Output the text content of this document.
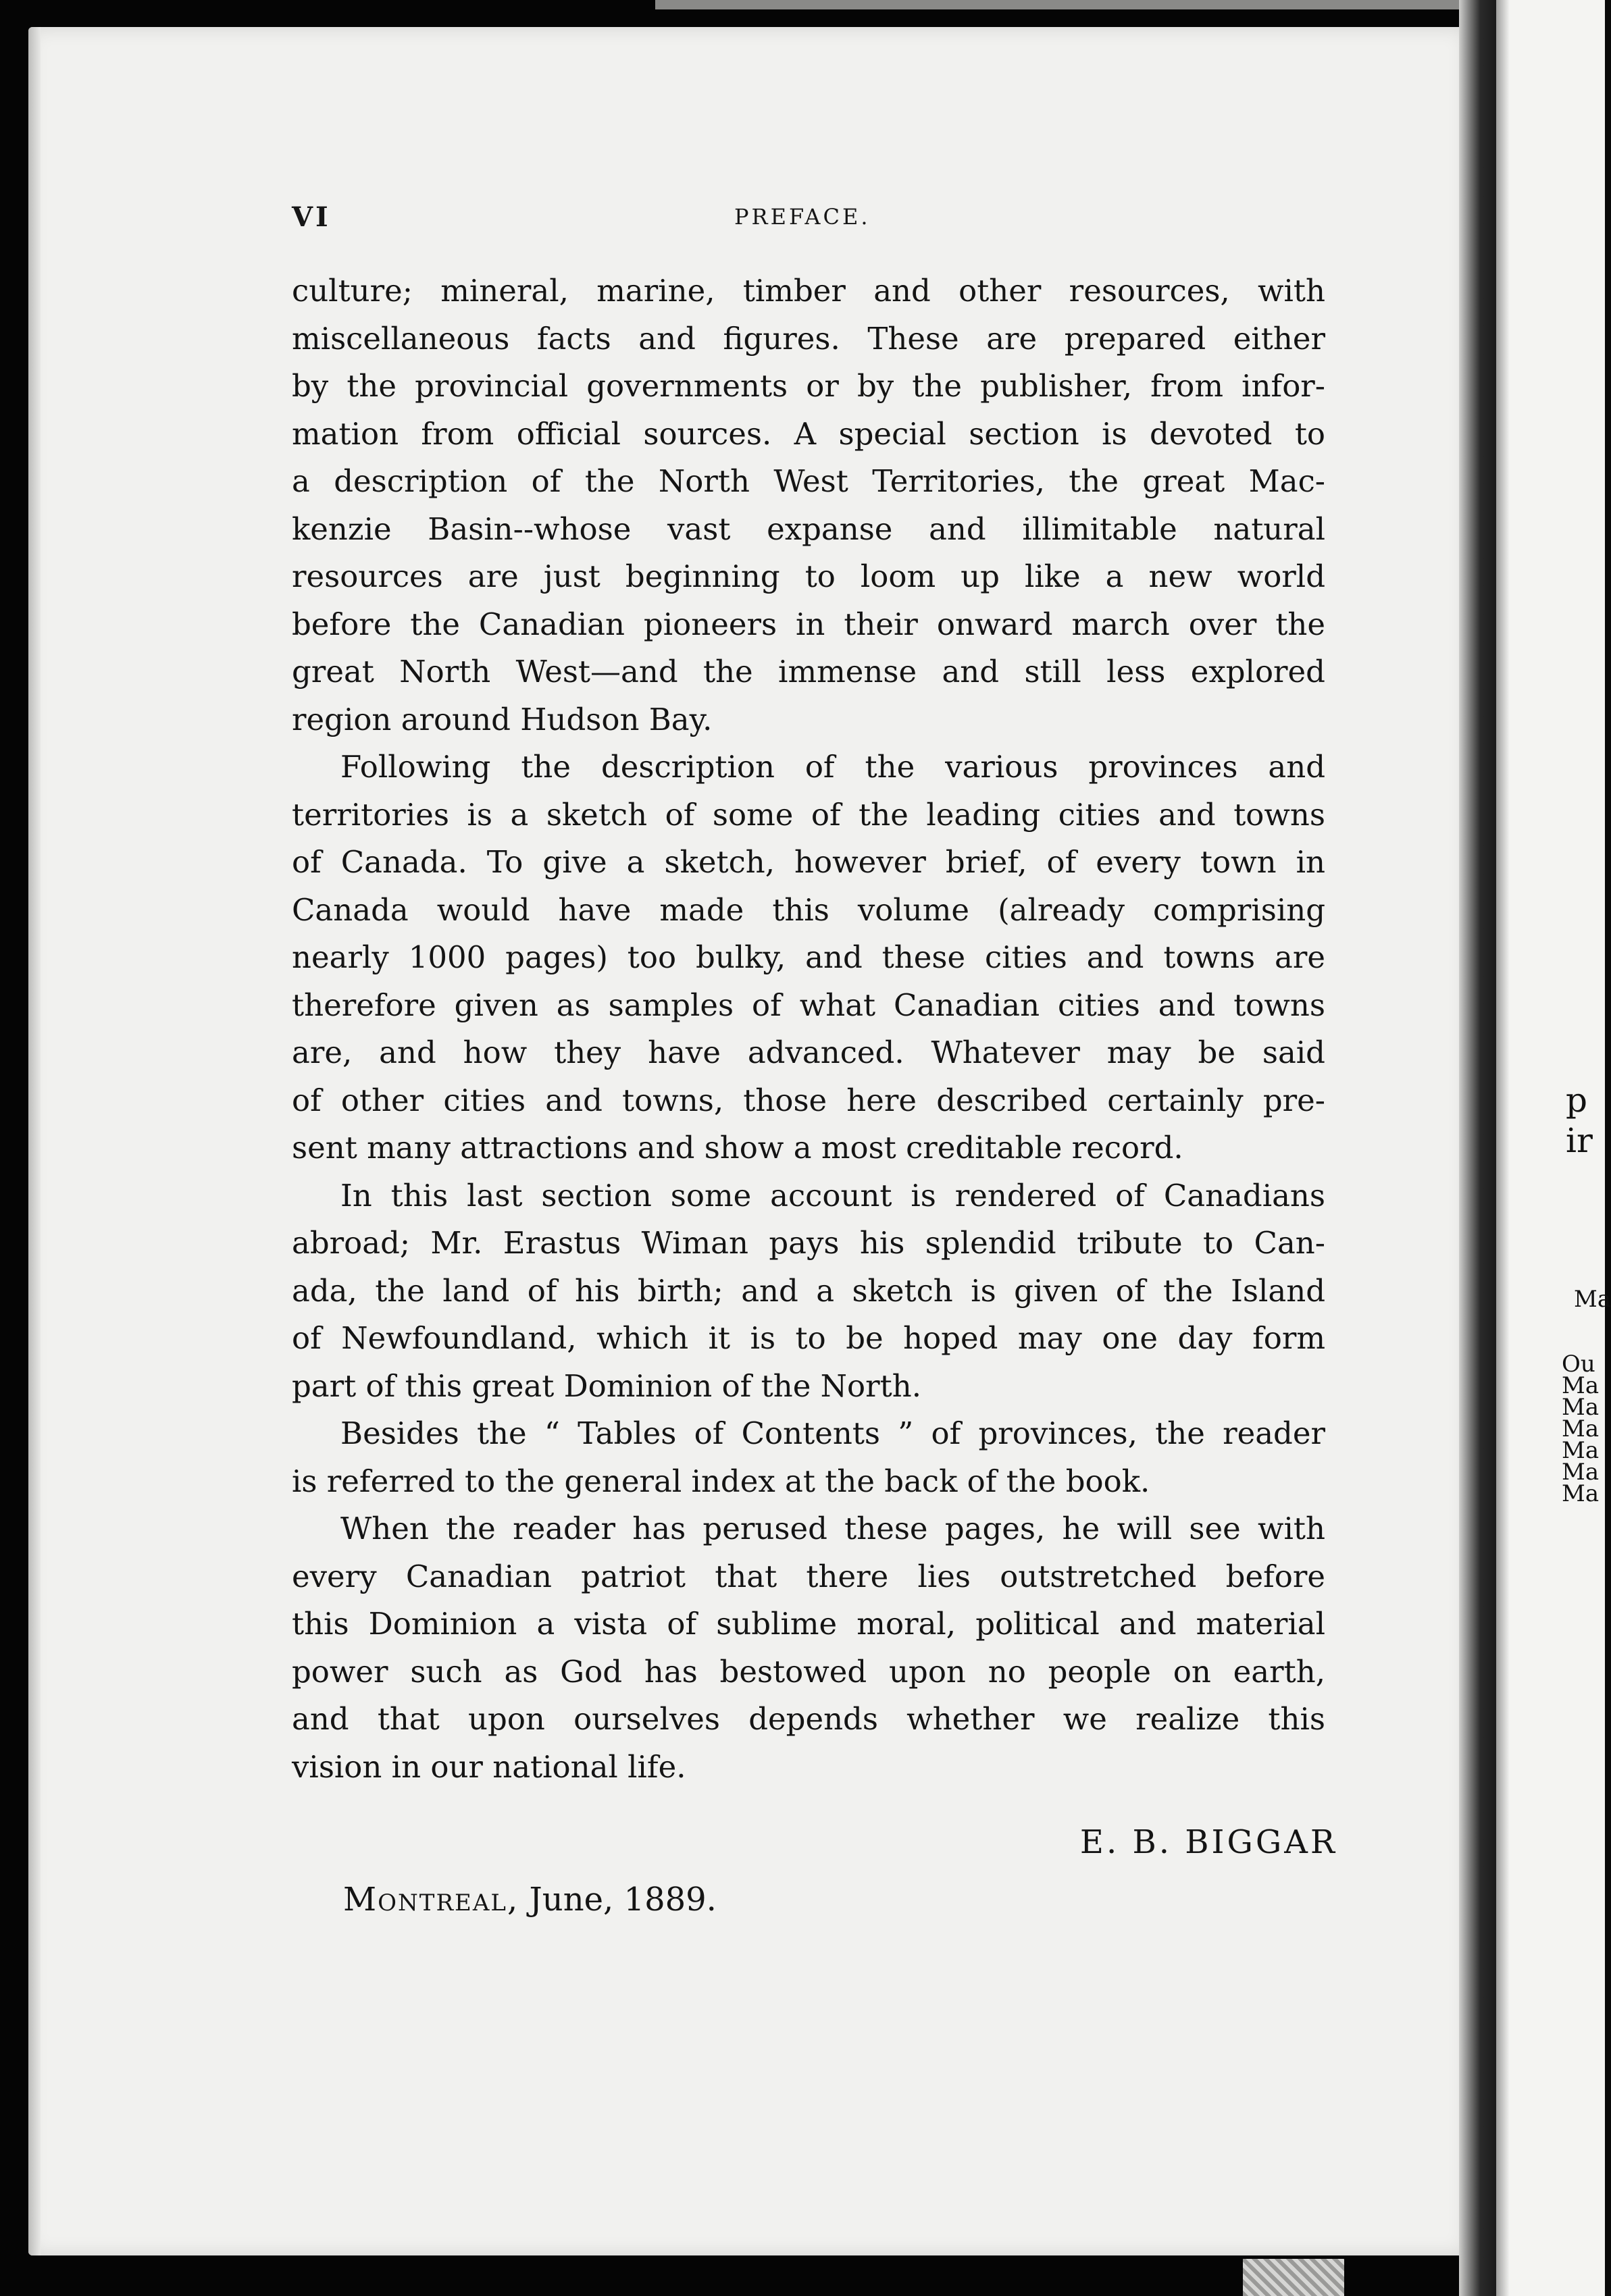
VI	PREFACE.
culture; mineral, marine, timber and other resources, with
miscellaneous facts and figures. These are prepared either
by the provincial governments or by the publisher, from infor-
mation from official sources. A special section is devoted to
a description of the North West Territories, the great Mac-
kenzie Basin--whose vast expanse and illimitable natural
resources are just beginning to loom up like a new world
before the Canadian pioneers in their onward march over the
great North West—and the immense and still less explored
region around Hudson Bay.
Following the description of the various provinces and
territories is a sketch of some of the leading cities and towns
of Canada. To give a sketch, however brief, of every town in
Canada would have made this volume (already comprising
nearly 1000 pages) too bulky, and these cities and towns are
therefore given as samples of what Canadian cities and towns
are, and how they have advanced. Whatever may be said
of other cities and towns, those here described certainly pre-
sent many attractions and show a most creditable record.
In this last section some account is rendered of Canadians
abroad; Mr. Erastus Wiman pays his splendid tribute to Can-
ada, the land of his birth; and a sketch is given of the Island
of Newfoundland, which it is to be hoped may one day form
part of this great Dominion of the North.
Besides the “ Tables of Contents ” of provinces, the reader
is referred to the general index at the back of the book.
When the reader has perused these pages, he will see with
every Canadian patriot that there lies outstretched before
this Dominion a vista of sublime moral, political and material
power such as God has bestowed upon no people on earth,
and that upon ourselves depends whether we realize this
vision in our national life.
E. B. BIGGAR
Montreal, June, 1889.
p
ir
Ma
Ou
Ma
Ma
Ma
Ma
Ma
Ma
